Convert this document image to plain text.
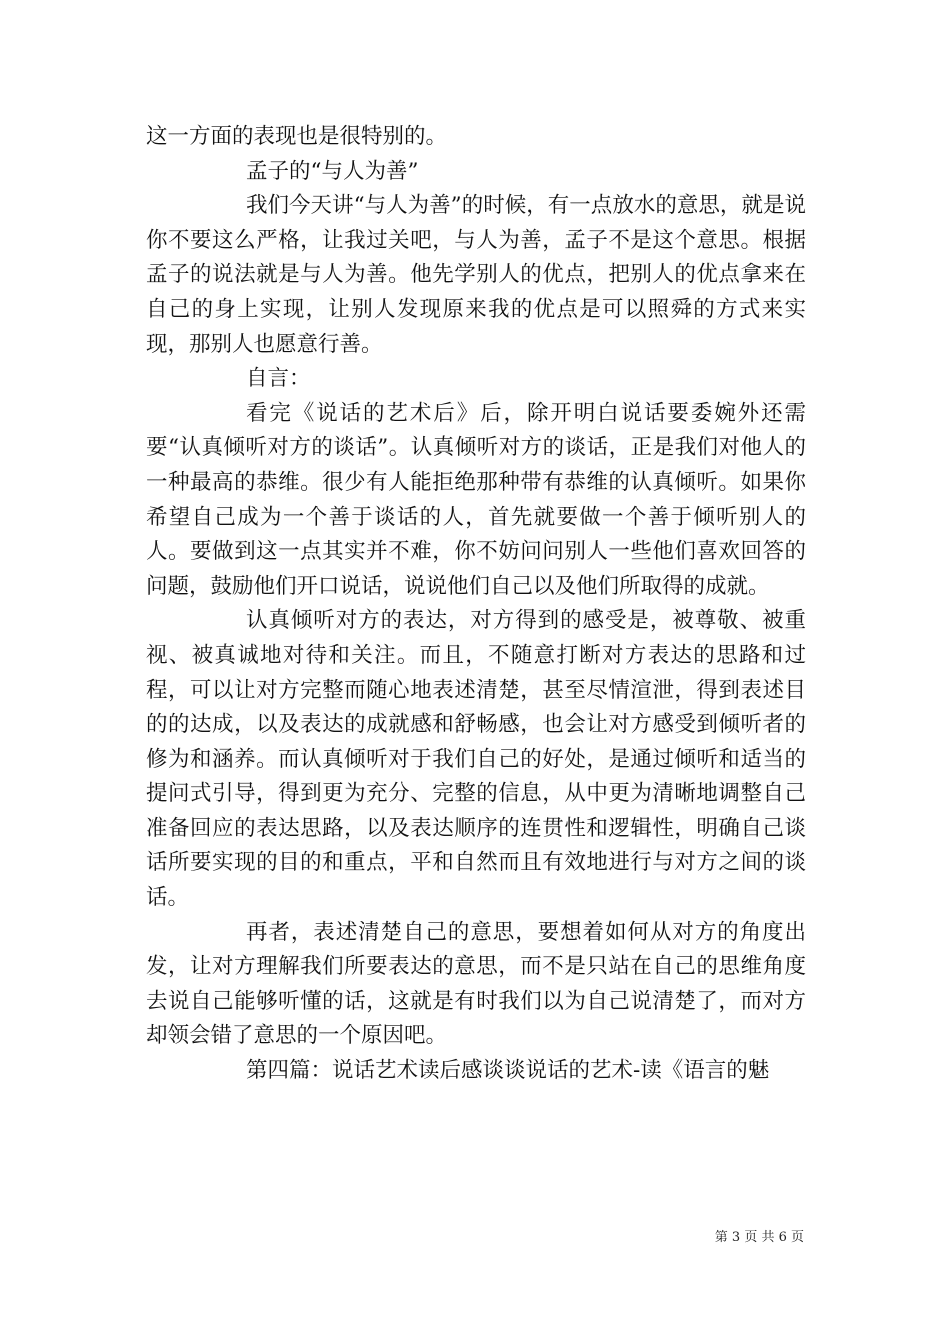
这一方面的表现也是很特别的。

孟子的“与人为善”

我们今天讲“与人为善”的时候，有一点放水的意思，就是说你不要这么严格，让我过关吧，与人为善，孟子不是这个意思。根据孟子的说法就是与人为善。他先学别人的优点，把别人的优点拿来在自己的身上实现，让别人发现原来我的优点是可以照舜的方式来实现，那别人也愿意行善。

自言：

看完《说话的艺术后》后，除开明白说话要委婉外还需要“认真倾听对方的谈话”。认真倾听对方的谈话，正是我们对他人的一种最高的恭维。很少有人能拒绝那种带有恭维的认真倾听。如果你希望自己成为一个善于谈话的人，首先就要做一个善于倾听别人的人。要做到这一点其实并不难，你不妨问问别人一些他们喜欢回答的问题，鼓励他们开口说话，说说他们自己以及他们所取得的成就。

认真倾听对方的表达，对方得到的感受是，被尊敬、被重视、被真诚地对待和关注。而且，不随意打断对方表达的思路和过程，可以让对方完整而随心地表述清楚，甚至尽情渲泄，得到表述目的的达成，以及表达的成就感和舒畅感，也会让对方感受到倾听者的修为和涵养。而认真倾听对于我们自己的好处，是通过倾听和适当的提问式引导，得到更为充分、完整的信息，从中更为清晰地调整自己准备回应的表达思路，以及表达顺序的连贯性和逻辑性，明确自己谈话所要实现的目的和重点，平和自然而且有效地进行与对方之间的谈话。

再者，表述清楚自己的意思，要想着如何从对方的角度出发，让对方理解我们所要表达的意思，而不是只站在自己的思维角度去说自己能够听懂的话，这就是有时我们以为自己说清楚了，而对方却领会错了意思的一个原因吧。

第四篇：说话艺术读后感谈谈说话的艺术-读《语言的魅

第 3 页 共 6 页
